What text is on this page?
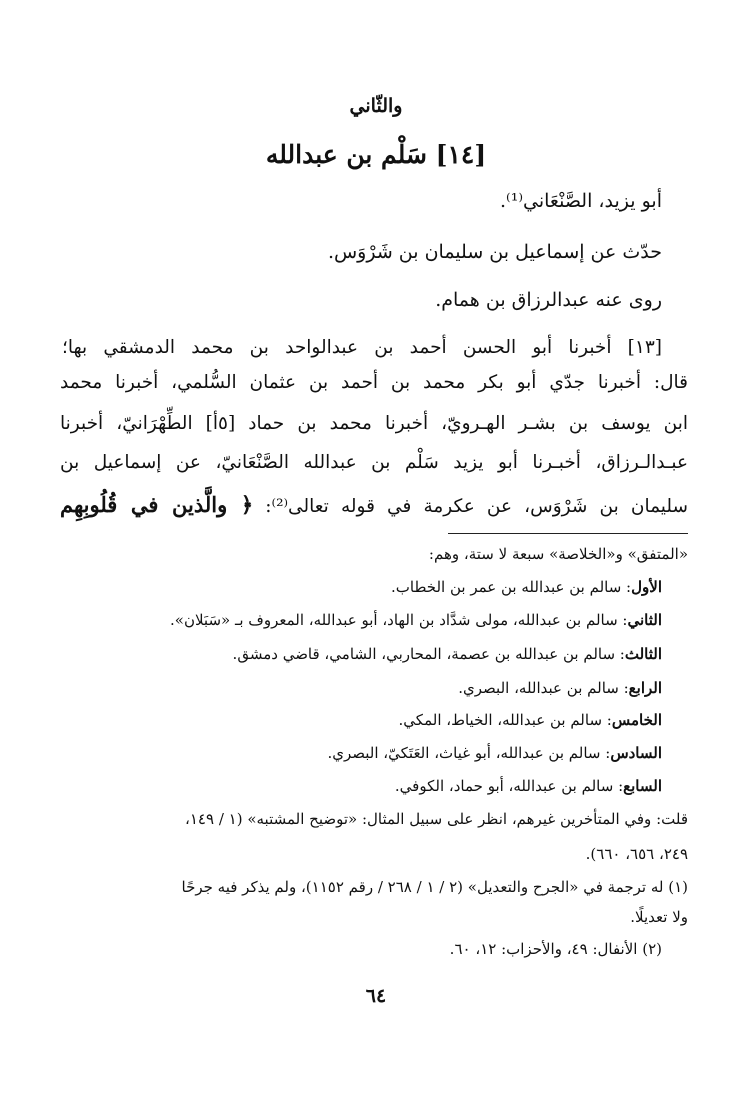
والثّاني
[١٤] سَلْم بن عبدالله
أبو يزيد، الصَّنْعَاني⁽¹⁾.
حدّث عن إسماعيل بن سليمان بن شَرْوَس.
روى عنه عبدالرزاق بن همام.
[١٣] أخبرنا أبو الحسن أحمد بن عبدالواحد بن محمد الدمشقي بها؛
قال: أخبرنا جدّي أبو بكر محمد بن أحمد بن عثمان السُّلمي، أخبرنا محمد
ابن يوسف بن بشـر الهـرويّ، أخبرنا محمد بن حماد [٥أ] الطِّهْرَانيّ، أخبرنا
عبـدالـرزاق، أخبـرنا أبو يزيد سَلْم بن عبدالله الصَّنْعَانيّ، عن إسماعيل بن
سليمان بن شَرْوَس، عن عكرمة في قوله تعالى⁽²⁾: ﴿ والَّذين في قُلُوبِهِم
«المتفق» و«الخلاصة» سبعة لا ستة، وهم:
الأول: سالم بن عبدالله بن عمر بن الخطاب.
الثاني: سالم بن عبدالله، مولى شدَّاد بن الهاد، أبو عبدالله، المعروف بـ «سَبَلان».
الثالث: سالم بن عبدالله بن عصمة، المحاربي، الشامي، قاضي دمشق.
الرابع: سالم بن عبدالله، البصري.
الخامس: سالم بن عبدالله، الخياط، المكي.
السادس: سالم بن عبدالله، أبو غياث، العَتَكيّ، البصري.
السابع: سالم بن عبدالله، أبو حماد، الكوفي.
قلت: وفي المتأخرين غيرهم، انظر على سبيل المثال: «توضيح المشتبه» (١ / ١٤٩،
٢٤٩، ٦٥٦، ٦٦٠).
(١) له ترجمة في «الجرح والتعديل» (٢ / ١ / ٢٦٨ / رقم ١١٥٢)، ولم يذكر فيه جرحًا
ولا تعديلًا.
(٢) الأنفال: ٤٩، والأحزاب: ١٢، ٦٠.
٦٤
